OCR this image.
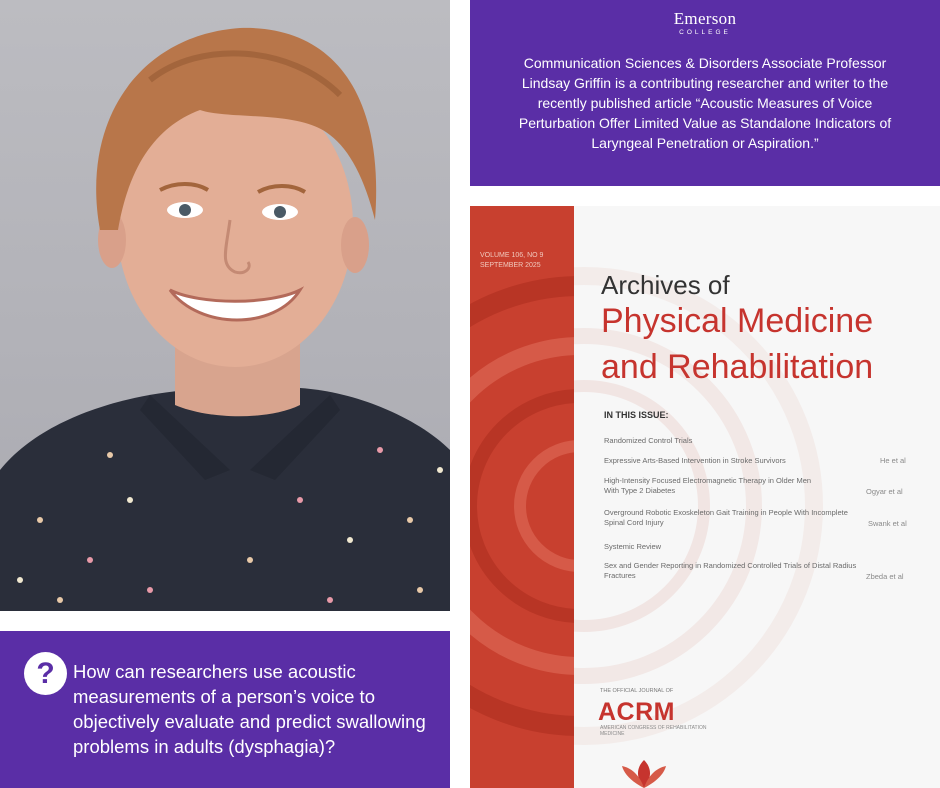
? How can researchers use acoustic measurements of a person’s voice to objectively evaluate and predict swallowing problems in adults (dysphagia)?
Emerson
COLLEGE
Communication Sciences & Disorders Associate Professor Lindsay Griffin is a contributing researcher and writer to the recently published article “Acoustic Measures of Voice Perturbation Offer Limited Value as Standalone Indicators of Laryngeal Penetration or Aspiration.”
VOLUME 106, NO 9
SEPTEMBER 2025
Archives of
Physical Medicine
and Rehabilitation
IN THIS ISSUE:
Randomized Control Trials
Expressive Arts-Based Intervention in Stroke Survivors	He et al
High-Intensity Focused Electromagnetic Therapy in Older Men With Type 2 Diabetes	Ogyar et al
Overground Robotic Exoskeleton Gait Training in People With Incomplete Spinal Cord Injury	Swank et al
Systemic Review
Sex and Gender Reporting in Randomized Controlled Trials of Distal Radius Fractures	Zbeda et al
THE OFFICIAL JOURNAL OF
ACRM
AMERICAN CONGRESS OF REHABILITATION MEDICINE
